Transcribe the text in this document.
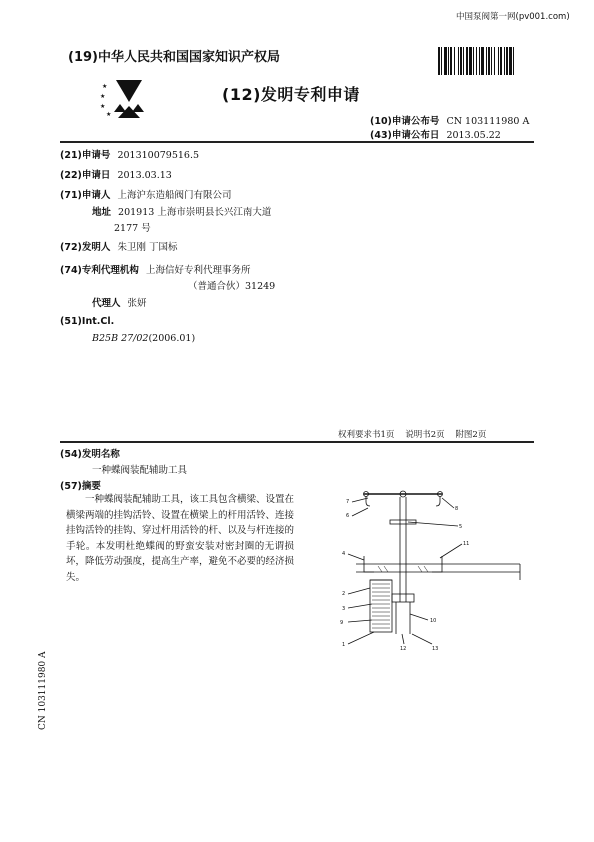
中国泵阀第一网(pv001.com)
(19)中华人民共和国国家知识产权局
★
★
★
★
(12)发明专利申请
(10)申请公布号 CN 103111980 A
(43)申请公布日 2013.05.22
(21)申请号 201310079516.5
(22)申请日 2013.03.13
(71)申请人 上海沪东造船阀门有限公司
地址 201913 上海市崇明县长兴江南大道
2177 号
(72)发明人 朱卫刚 丁国标
(74)专利代理机构 上海信好专利代理事务所
（普通合伙）31249
代理人 张妍
(51)Int.Cl.
B25B 27/02(2006.01)
权利要求书1页    说明书2页    附图2页
(54)发明名称
一种蝶阀装配辅助工具
(57)摘要
一种蝶阀装配辅助工具，该工具包含横梁、设置在横梁两端的挂钩活铃、设置在横梁上的杆用活铃、连接挂钩活铃的挂钩、穿过杆用活铃的杆、以及与杆连接的手轮。本发明杜绝蝶阀的野蛮安装对密封圈的无谓损坏，降低劳动强度，提高生产率，避免不必要的经济损失。
CN 103111980 A
7
6
8
5
4
11
2
3
9	10
1
12	13
